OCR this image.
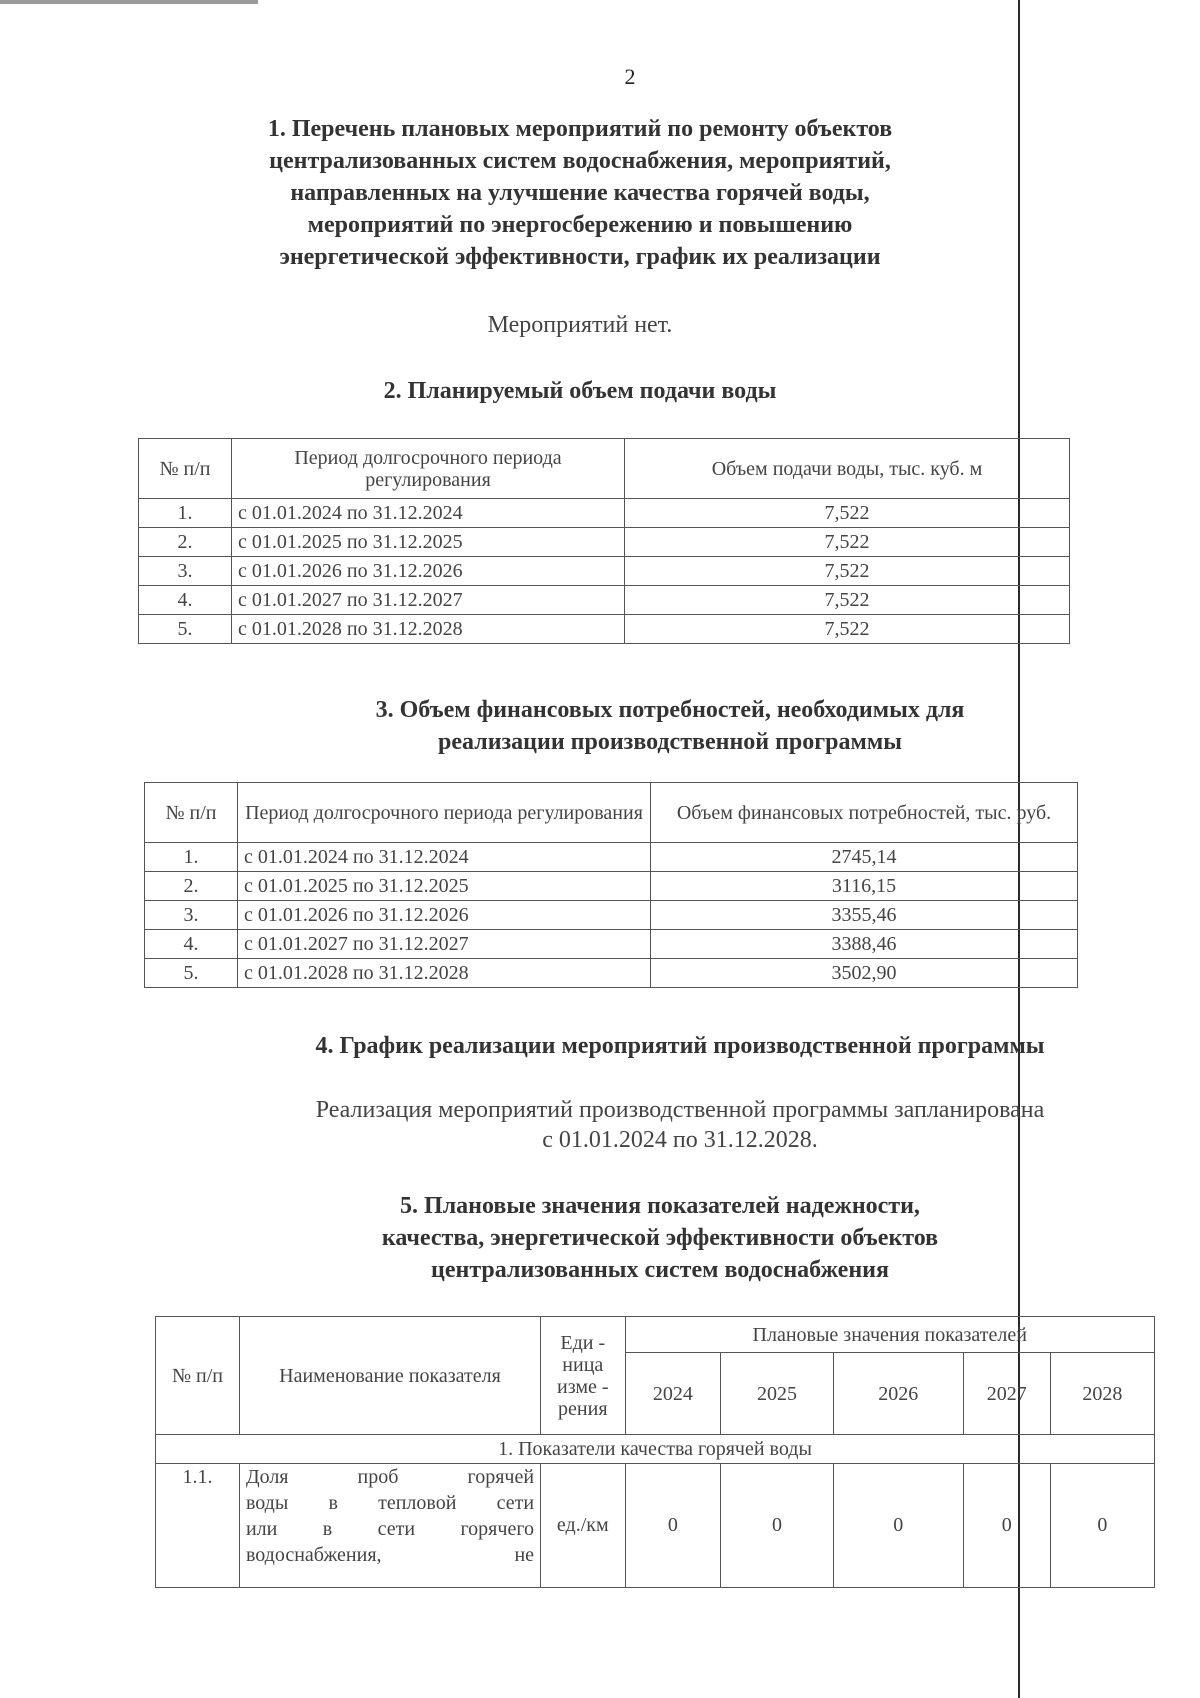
2
1. Перечень плановых мероприятий по ремонту объектов
централизованных систем водоснабжения, мероприятий,
направленных на улучшение качества горячей воды,
мероприятий по энергосбережению и повышению
энергетической эффективности, график их реализации
Мероприятий нет.
2. Планируемый объем подачи воды
№ п/п	Период долгосрочного периода регулирования	Объем подачи воды, тыс. куб. м
1.	с 01.01.2024 по 31.12.2024	7,522
2.	с 01.01.2025 по 31.12.2025	7,522
3.	с 01.01.2026 по 31.12.2026	7,522
4.	с 01.01.2027 по 31.12.2027	7,522
5.	с 01.01.2028 по 31.12.2028	7,522
3. Объем финансовых потребностей, необходимых для
реализации производственной программы
№ п/п	Период долгосрочного периода регулирования	Объем финансовых потребностей, тыс. руб.
1.	с 01.01.2024 по 31.12.2024	2745,14
2.	с 01.01.2025 по 31.12.2025	3116,15
3.	с 01.01.2026 по 31.12.2026	3355,46
4.	с 01.01.2027 по 31.12.2027	3388,46
5.	с 01.01.2028 по 31.12.2028	3502,90
4. График реализации мероприятий производственной программы
Реализация мероприятий производственной программы запланирована
с 01.01.2024 по 31.12.2028.
5. Плановые значения показателей надежности,
качества, энергетической эффективности объектов
централизованных систем водоснабжения
№ п/п	Наименование показателя	Еди - ница изме - рения	Плановые значения показателей				
			2024	2025	2026	2027	2028
1. Показатели качества горячей воды							
1.1.	Доля проб горячей
воды в тепловой сети
или в сети горячего
водоснабжения, не	ед./км	0	0	0	0	0
